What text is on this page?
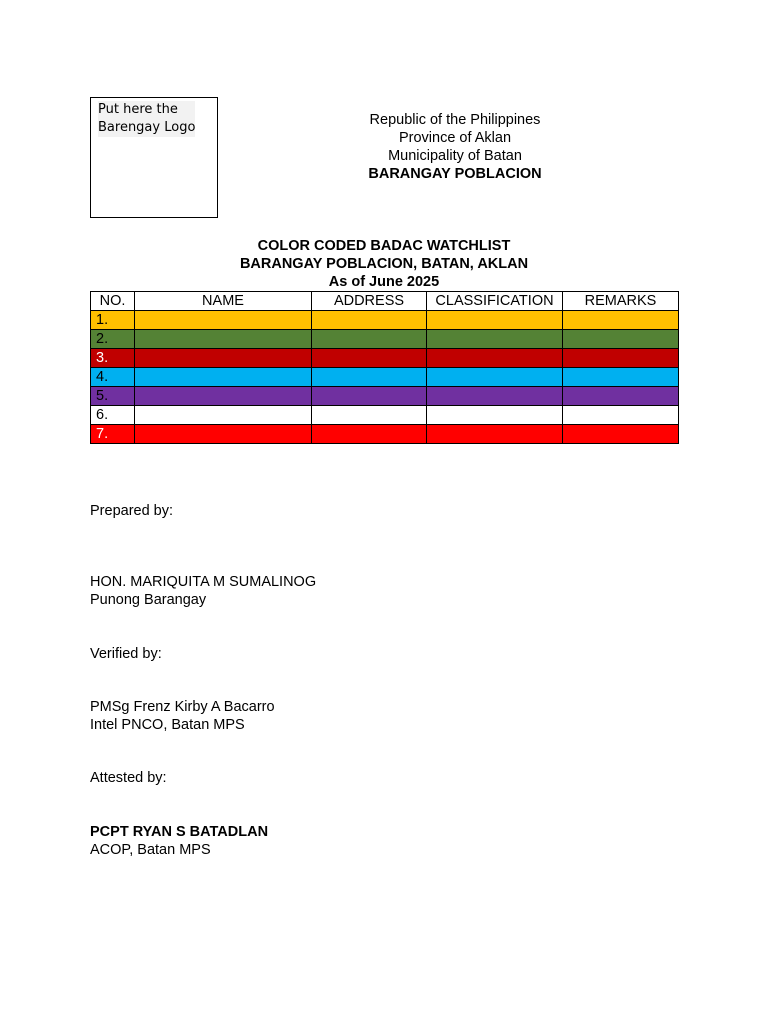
Put here the
Barengay Logo	Republic of the Philippines
Province of Aklan
Municipality of Batan
BARANGAY POBLACION
COLOR CODED BADAC WATCHLIST
BARANGAY POBLACION, BATAN, AKLAN
As of June 2025
NO.	NAME	ADDRESS	CLASSIFICATION	REMARKS
1.				
2.				
3.				
4.				
5.				
6.				
7.				
Prepared by:
HON. MARIQUITA M SUMALINOG
Punong Barangay
Verified by:
PMSg Frenz Kirby A Bacarro
Intel PNCO, Batan MPS
Attested by:
PCPT RYAN S BATADLAN
ACOP, Batan MPS
